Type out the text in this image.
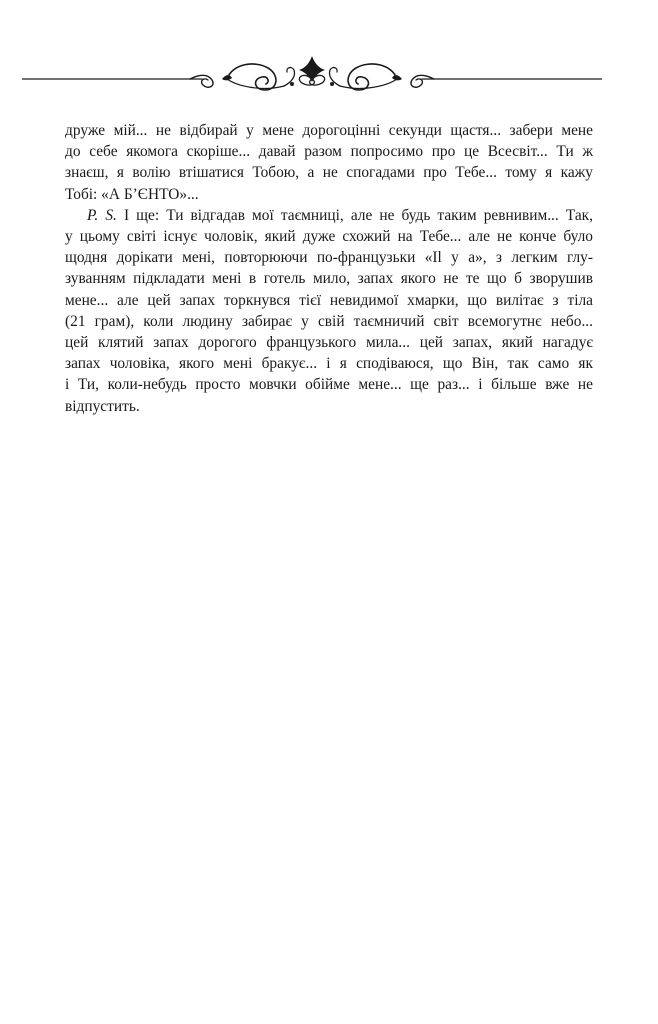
друже мій... не відбирай у мене дорогоцінні секунди щастя... забери мене
до себе якомога скоріше... давай разом попросимо про це Всесвіт... Ти ж
знаєш, я волію втішатися Тобою, а не спогадами про Тебе... тому я кажу
Тобі: «А Б’ЄНТО»...
P. S. І ще: Ти відгадав мої таємниці, але не будь таким ревнивим... Так,
у цьому світі існує чоловік, який дуже схожий на Тебе... але не конче було
щодня дорікати мені, повторюючи по-французьки «Il y a», з легким глу-
зуванням підкладати мені в готель мило, запах якого не те що б зворушив
мене... але цей запах торкнувся тієї невидимої хмарки, що вилітає з тіла
(21 грам), коли людину забирає у свій таємничий світ всемогутнє небо...
цей клятий запах дорогого французького мила... цей запах, який нагадує
запах чоловіка, якого мені бракує... і я сподіваюся, що Він, так само як
і Ти, коли-небудь просто мовчки обійме мене... ще раз... і більше вже не
відпустить.
